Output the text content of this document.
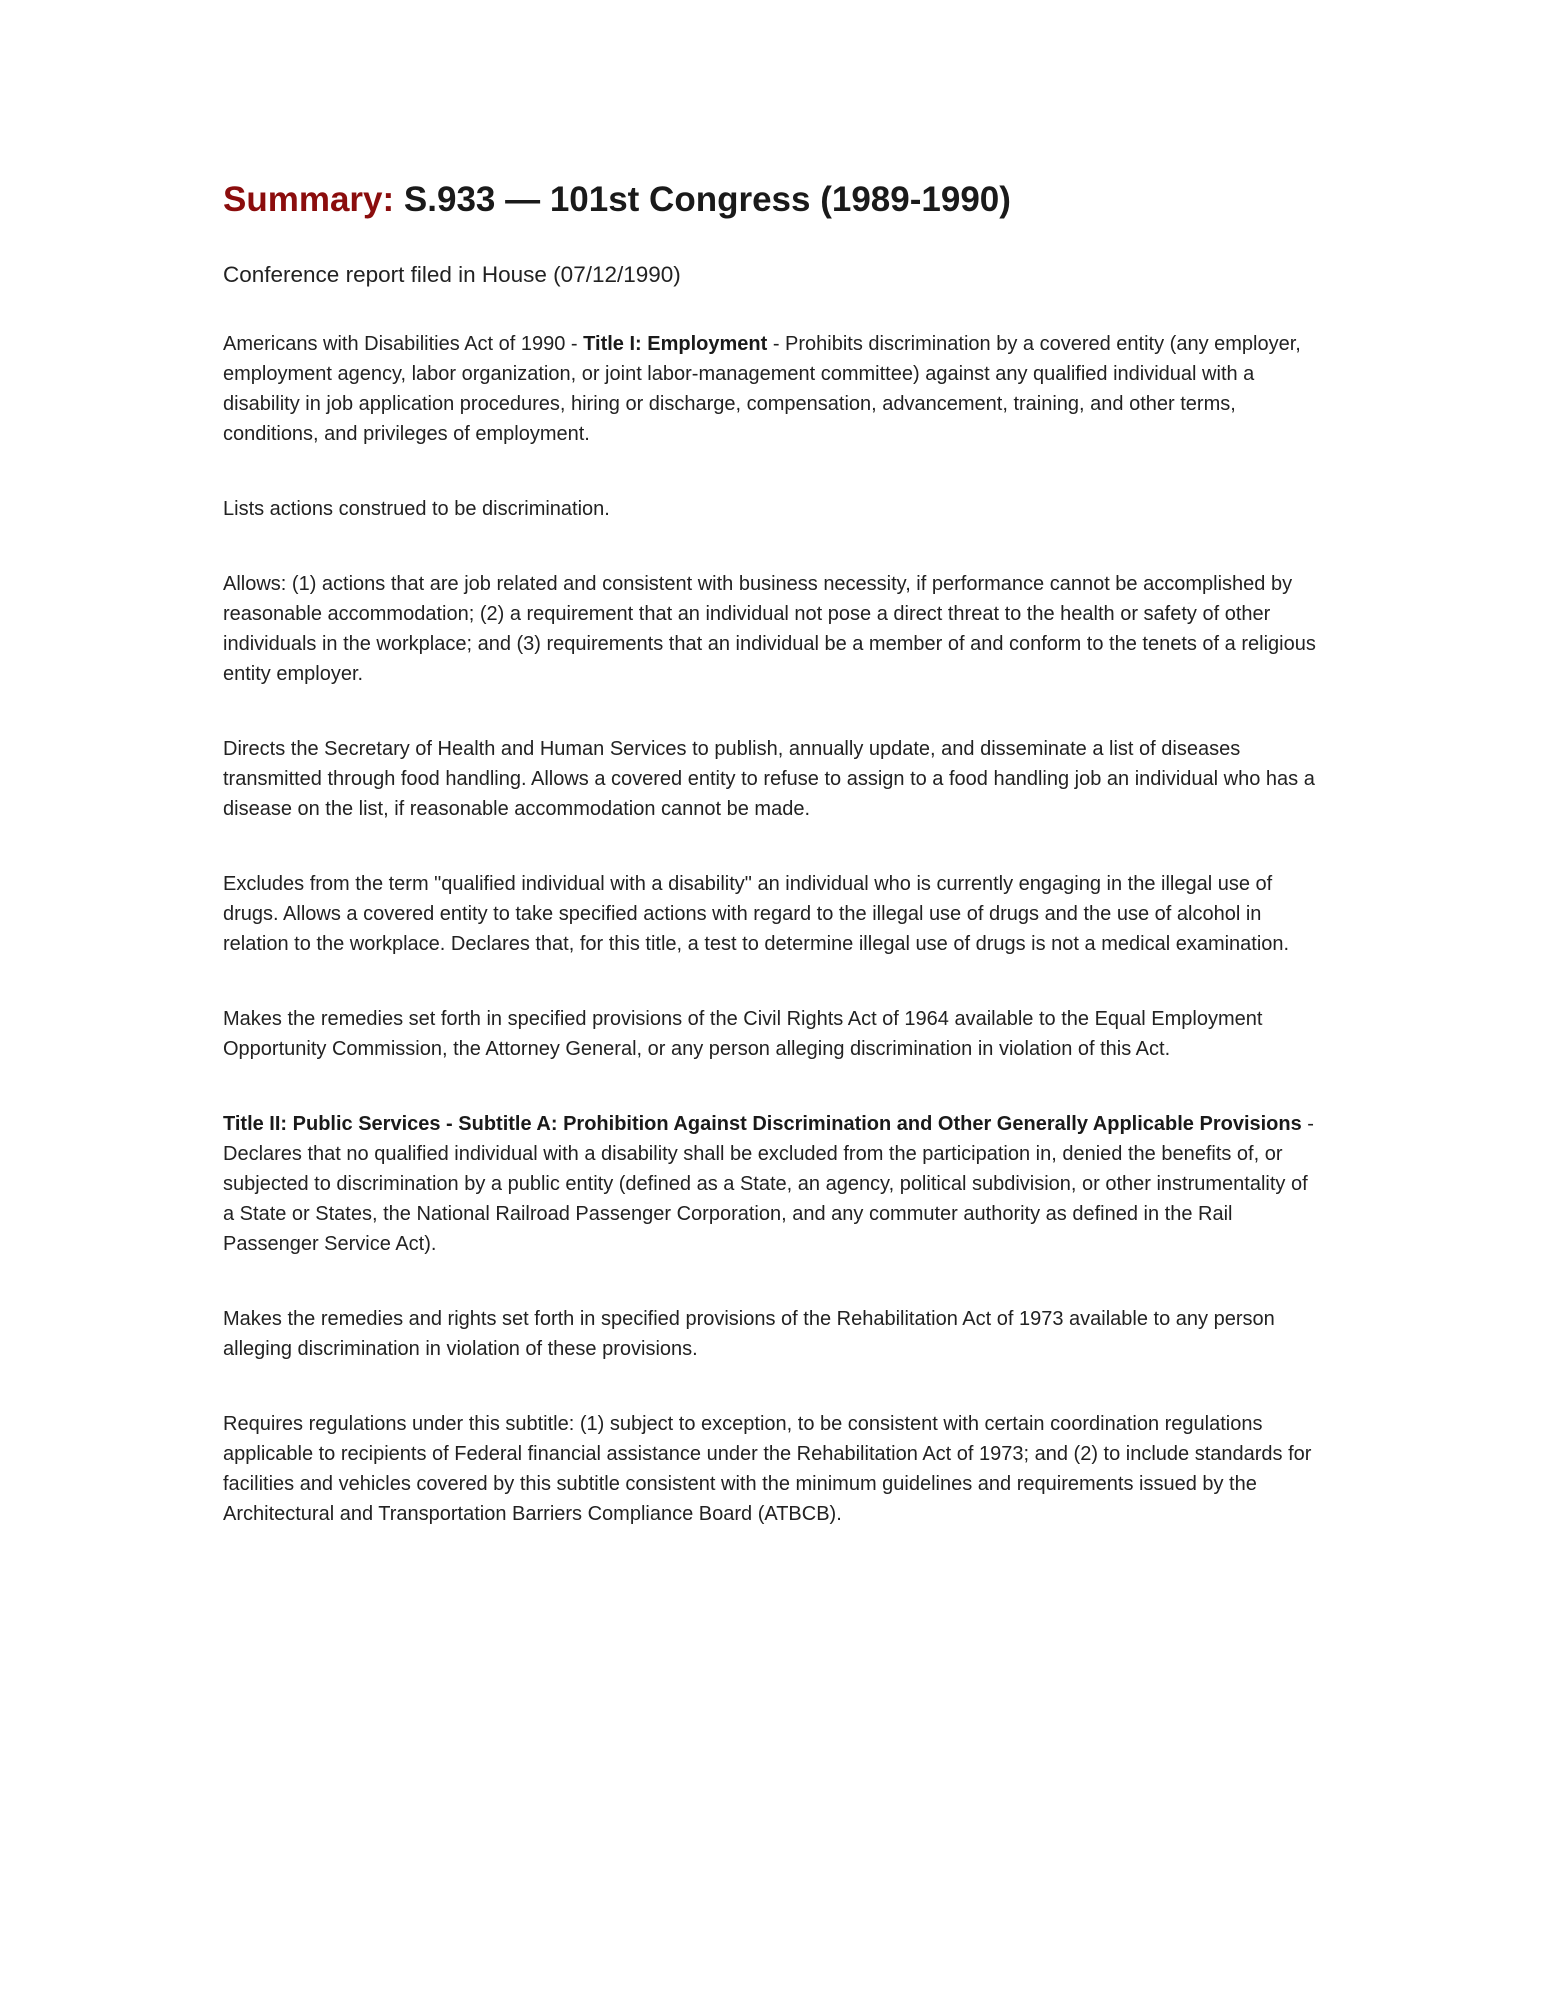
Summary: S.933 — 101st Congress (1989-1990)
Conference report filed in House (07/12/1990)

Americans with Disabilities Act of 1990 - Title I: Employment - Prohibits discrimination by a covered entity (any employer, employment agency, labor organization, or joint labor-management committee) against any qualified individual with a disability in job application procedures, hiring or discharge, compensation, advancement, training, and other terms, conditions, and privileges of employment.

Lists actions construed to be discrimination.

Allows: (1) actions that are job related and consistent with business necessity, if performance cannot be accomplished by reasonable accommodation; (2) a requirement that an individual not pose a direct threat to the health or safety of other individuals in the workplace; and (3) requirements that an individual be a member of and conform to the tenets of a religious entity employer.

Directs the Secretary of Health and Human Services to publish, annually update, and disseminate a list of diseases transmitted through food handling. Allows a covered entity to refuse to assign to a food handling job an individual who has a disease on the list, if reasonable accommodation cannot be made.

Excludes from the term "qualified individual with a disability" an individual who is currently engaging in the illegal use of drugs. Allows a covered entity to take specified actions with regard to the illegal use of drugs and the use of alcohol in relation to the workplace. Declares that, for this title, a test to determine illegal use of drugs is not a medical examination.

Makes the remedies set forth in specified provisions of the Civil Rights Act of 1964 available to the Equal Employment Opportunity Commission, the Attorney General, or any person alleging discrimination in violation of this Act.

Title II: Public Services - Subtitle A: Prohibition Against Discrimination and Other Generally Applicable Provisions - Declares that no qualified individual with a disability shall be excluded from the participation in, denied the benefits of, or subjected to discrimination by a public entity (defined as a State, an agency, political subdivision, or other instrumentality of a State or States, the National Railroad Passenger Corporation, and any commuter authority as defined in the Rail Passenger Service Act).

Makes the remedies and rights set forth in specified provisions of the Rehabilitation Act of 1973 available to any person alleging discrimination in violation of these provisions.

Requires regulations under this subtitle: (1) subject to exception, to be consistent with certain coordination regulations applicable to recipients of Federal financial assistance under the Rehabilitation Act of 1973; and (2) to include standards for facilities and vehicles covered by this subtitle consistent with the minimum guidelines and requirements issued by the Architectural and Transportation Barriers Compliance Board (ATBCB).
